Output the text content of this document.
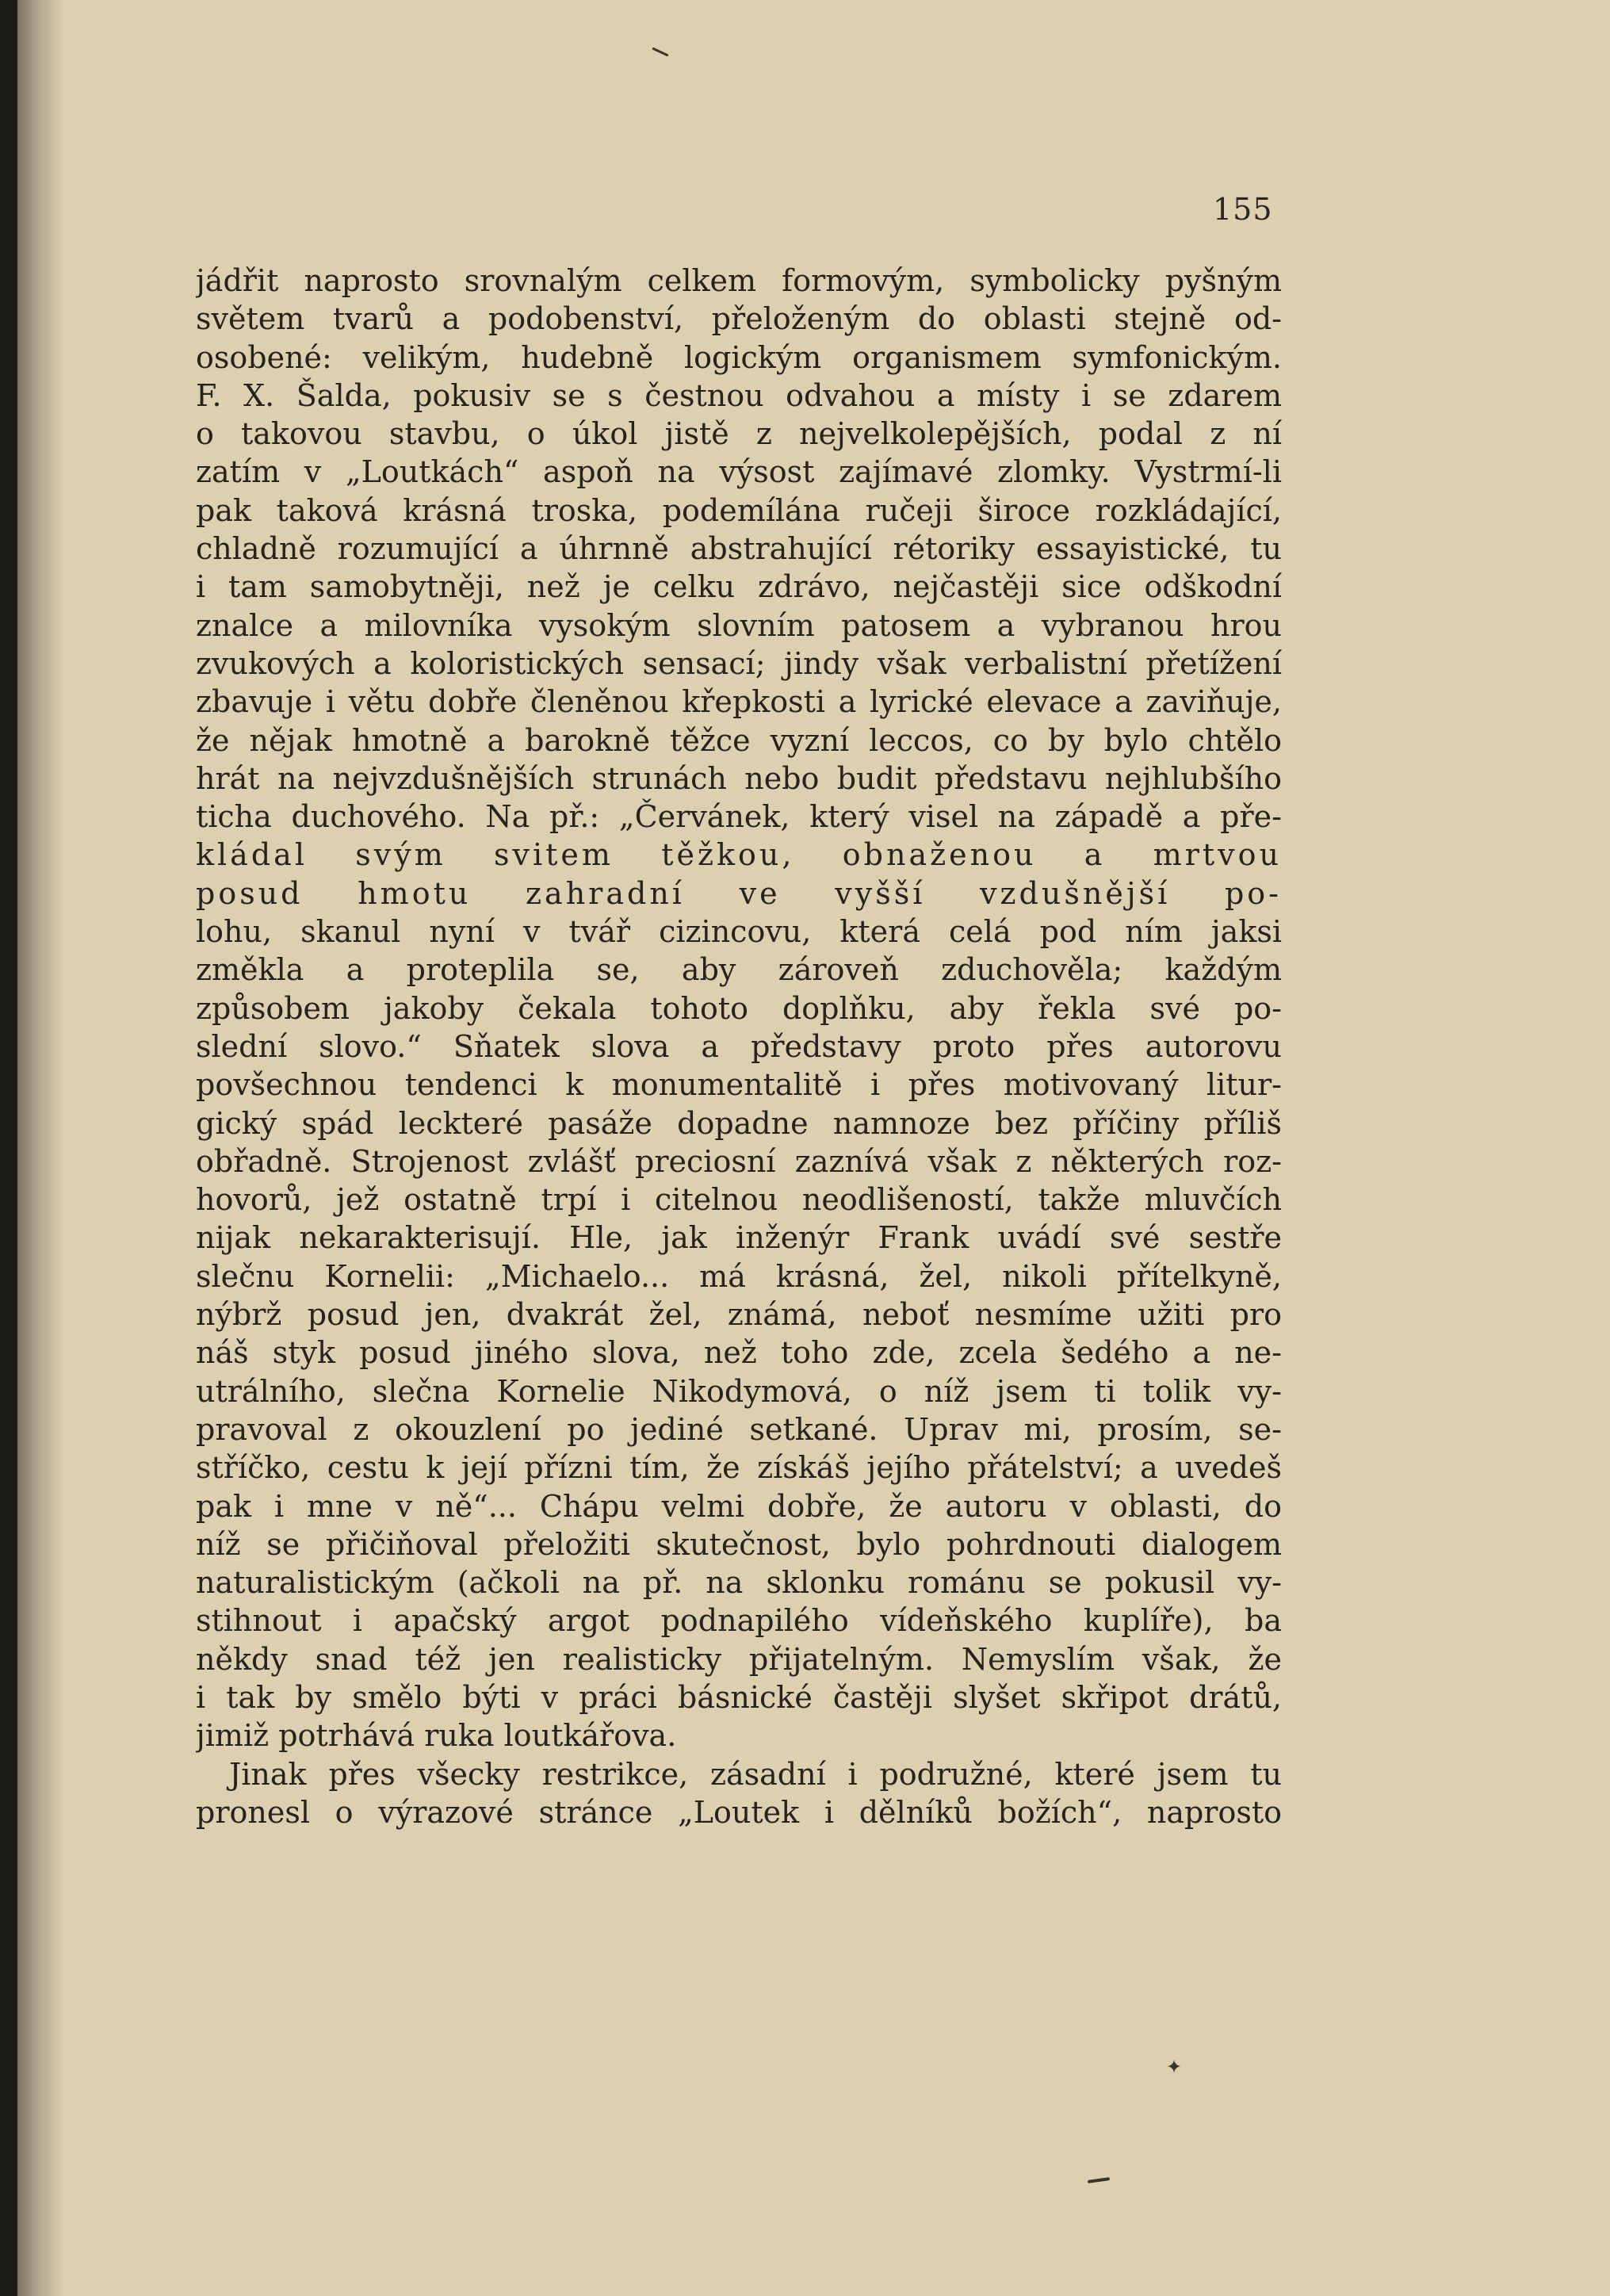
155
jádřit naprosto srovnalým celkem formovým, symbolicky pyšným
světem tvarů a podobenství, přeloženým do oblasti stejně od-
osobené: velikým, hudebně logickým organismem symfonickým.
F. X. Šalda, pokusiv se s čestnou odvahou a místy i se zdarem
o takovou stavbu, o úkol jistě z nejvelkolepějších, podal z ní
zatím v „Loutkách“ aspoň na výsost zajímavé zlomky. Vystrmí-li
pak taková krásná troska, podemílána ručeji široce rozkládající,
chladně rozumující a úhrnně abstrahující rétoriky essayistické, tu
i tam samobytněji, než je celku zdrávo, nejčastěji sice odškodní
znalce a milovníka vysokým slovním patosem a vybranou hrou
zvukových a koloristických sensací; jindy však verbalistní přetížení
zbavuje i větu dobře členěnou křepkosti a lyrické elevace a zaviňuje,
že nějak hmotně a barokně těžce vyzní leccos, co by bylo chtělo
hrát na nejvzdušnějších strunách nebo budit představu nejhlubšího
ticha duchového. Na př.: „Červánek, který visel na západě a pře-
kládal svým svitem těžkou, obnaženou a mrtvou
posud hmotu zahradní ve vyšší vzdušnější po-
lohu, skanul nyní v tvář cizincovu, která celá pod ním jaksi
změkla a proteplila se, aby zároveň zduchověla; každým
způsobem jakoby čekala tohoto doplňku, aby řekla své po-
slední slovo.“ Sňatek slova a představy proto přes autorovu
povšechnou tendenci k monumentalitě i přes motivovaný litur-
gický spád leckteré pasáže dopadne namnoze bez příčiny příliš
obřadně. Strojenost zvlášť preciosní zaznívá však z některých roz-
hovorů, jež ostatně trpí i citelnou neodlišeností, takže mluvčích
nijak nekarakterisují. Hle, jak inženýr Frank uvádí své sestře
slečnu Kornelii: „Michaelo... má krásná, žel, nikoli přítelkyně,
nýbrž posud jen, dvakrát žel, známá, neboť nesmíme užiti pro
náš styk posud jiného slova, než toho zde, zcela šedého a ne-
utrálního, slečna Kornelie Nikodymová, o níž jsem ti tolik vy-
pravoval z okouzlení po jediné setkané. Uprav mi, prosím, se-
stříčko, cestu k její přízni tím, že získáš jejího přátelství; a uvedeš
pak i mne v ně“... Chápu velmi dobře, že autoru v oblasti, do
níž se přičiňoval přeložiti skutečnost, bylo pohrdnouti dialogem
naturalistickým (ačkoli na př. na sklonku románu se pokusil vy-
stihnout i apačský argot podnapilého vídeňského kuplíře), ba
někdy snad též jen realisticky přijatelným. Nemyslím však, že
i tak by smělo býti v práci básnické častěji slyšet skřipot drátů,
jimiž potrhává ruka loutkářova.
Jinak přes všecky restrikce, zásadní i podružné, které jsem tu
pronesl o výrazové stránce „Loutek i dělníků božích“, naprosto
✦
